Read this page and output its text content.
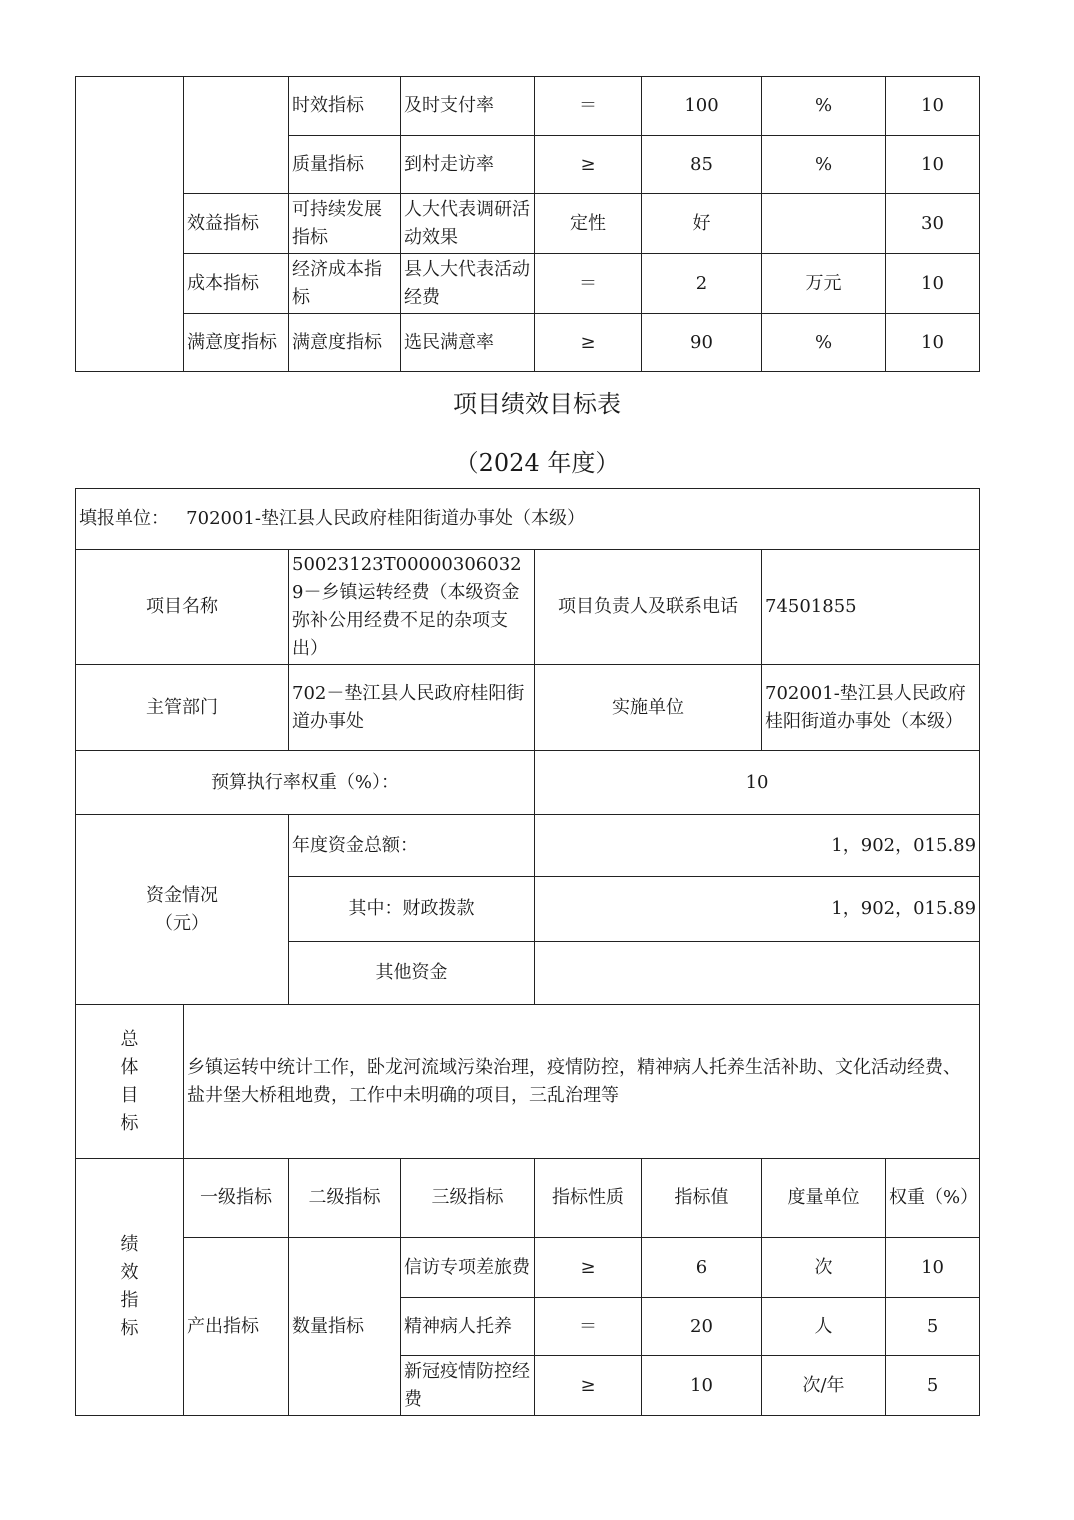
		时效指标	及时支付率	＝	100	%	10
		质量指标	到村走访率	≥	85	%	10
	效益指标	可持续发展指标	人大代表调研活动效果	定性	好		30
	成本指标	经济成本指标	县人大代表活动经费	＝	2	万元	10
	满意度指标	满意度指标	选民满意率	≥	90	%	10
项目绩效目标表
（2024 年度）
填报单位： 702001-垫江县人民政府桂阳街道办事处（本级）							
项目名称		50023123T000003060329－乡镇运转经费（本级资金弥补公用经费不足的杂项支出）		项目负责人及联系电话		74501855	
主管部门		702－垫江县人民政府桂阳街道办事处		实施单位		702001-垫江县人民政府桂阳街道办事处（本级）	
预算执行率权重（%）：				10			

资金情况
（元）		年度资金总额：		1，902，015.89			
		其中：财政拨款		1，902，015.89			
		其他资金					

总
体
目
标	乡镇运转中统计工作，卧龙河流域污染治理，疫情防控，精神病人托养生活补助、文化活动经费、盐井堡大桥租地费，工作中未明确的项目，三乱治理等						

绩
效
指
标	一级指标	二级指标	三级指标	指标性质	指标值	度量单位	权重（%）
	产出指标	数量指标	信访专项差旅费	≥	6	次	10
			精神病人托养	＝	20	人	5
			新冠疫情防控经费	≥	10	次/年	5
